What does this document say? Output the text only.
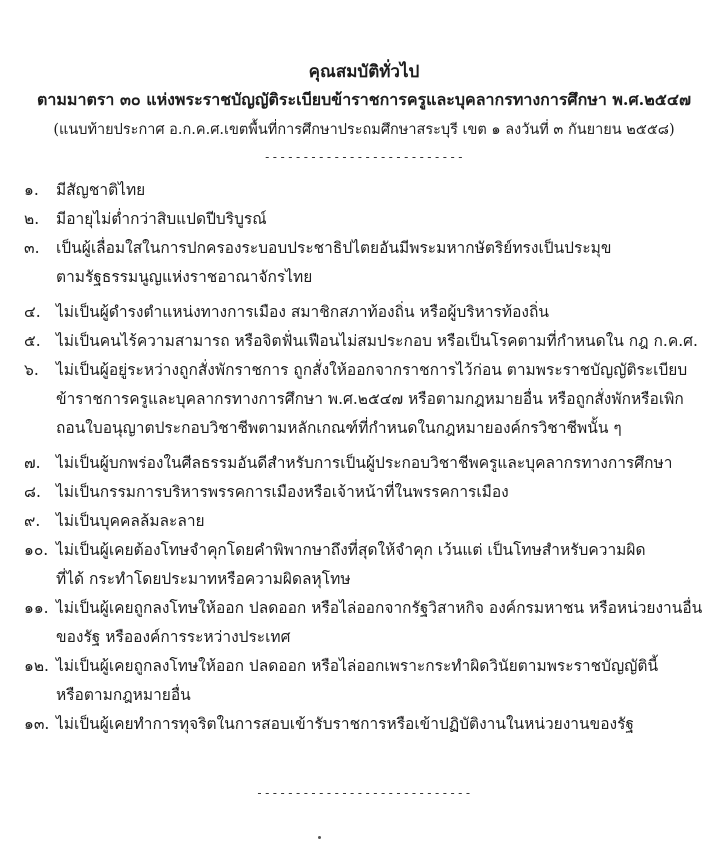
คุณสมบัติทั่วไป
ตามมาตรา ๓๐ แห่งพระราชบัญญัติระเบียบข้าราชการครูและบุคลากรทางการศึกษา พ.ศ.๒๕๔๗
(แนบท้ายประกาศ อ.ก.ค.ศ.เขตพื้นที่การศึกษาประถมศึกษาสระบุรี เขต ๑ ลงวันที่ ๓ กันยายน ๒๕๕๘)
--------------------------
๑.	มีสัญชาติไทย
๒.	มีอายุไม่ต่ำกว่าสิบแปดปีบริบูรณ์
๓.	เป็นผู้เลื่อมใสในการปกครองระบอบประชาธิปไตยอันมีพระมหากษัตริย์ทรงเป็นประมุข
ตามรัฐธรรมนูญแห่งราชอาณาจักรไทย
๔. ไม่เป็นผู้ดำรงตำแหน่งทางการเมือง สมาชิกสภาท้องถิ่น หรือผู้บริหารท้องถิ่น
๕. ไม่เป็นคนไร้ความสามารถ หรือจิตฟั่นเฟือนไม่สมประกอบ หรือเป็นโรคตามที่กำหนดใน กฎ ก.ค.ศ.
๖.	ไม่เป็นผู้อยู่ระหว่างถูกสั่งพักราชการ ถูกสั่งให้ออกจากราชการไว้ก่อน ตามพระราชบัญญัติระเบียบ
ข้าราชการครูและบุคลากรทางการศึกษา พ.ศ.๒๕๔๗ หรือตามกฎหมายอื่น หรือถูกสั่งพักหรือเพิก
ถอนใบอนุญาตประกอบวิชาชีพตามหลักเกณฑ์ที่กำหนดในกฎหมายองค์กรวิชาชีพนั้น ๆ
๗. ไม่เป็นผู้บกพร่องในศีลธรรมอันดีสำหรับการเป็นผู้ประกอบวิชาชีพครูและบุคลากรทางการศึกษา
๘. ไม่เป็นกรรมการบริหารพรรคการเมืองหรือเจ้าหน้าที่ในพรรคการเมือง
๙.	ไม่เป็นบุคคลล้มละลาย
๑๐. ไม่เป็นผู้เคยต้องโทษจำคุกโดยคำพิพากษาถึงที่สุดให้จำคุก เว้นแต่ เป็นโทษสำหรับความผิด
ที่ได้ กระทำโดยประมาทหรือความผิดลหุโทษ
๑๑. ไม่เป็นผู้เคยถูกลงโทษให้ออก ปลดออก หรือไล่ออกจากรัฐวิสาหกิจ องค์กรมหาชน หรือหน่วยงานอื่น
ของรัฐ หรือองค์การระหว่างประเทศ
๑๒. ไม่เป็นผู้เคยถูกลงโทษให้ออก ปลดออก หรือไล่ออกเพราะกระทำผิดวินัยตามพระราชบัญญัตินี้
หรือตามกฎหมายอื่น
๑๓. ไม่เป็นผู้เคยทำการทุจริตในการสอบเข้ารับราชการหรือเข้าปฏิบัติงานในหน่วยงานของรัฐ
----------------------------
